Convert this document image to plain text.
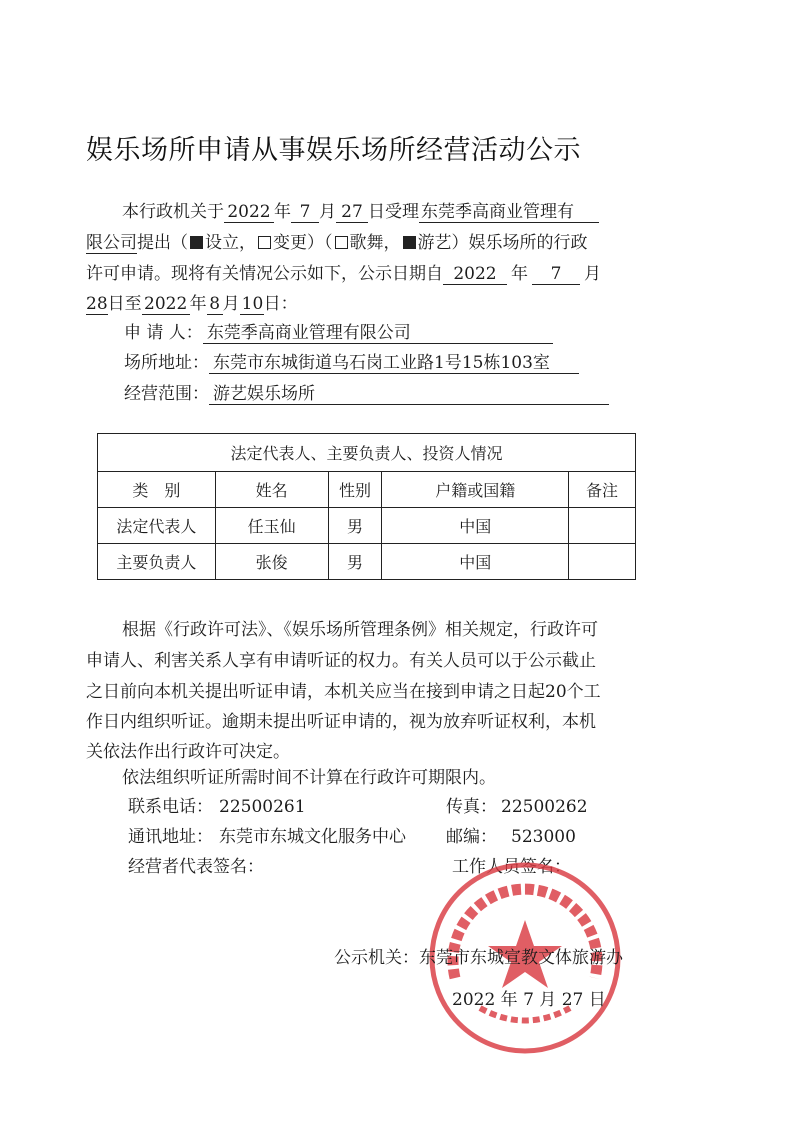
娱乐场所申请从事娱乐场所经营活动公示
本行政机关于 2022 年 7 月 27 日受理 东莞季高商业管理有
限公司提出（ 设立， 变更）（ 歌舞， 游艺）娱乐场所的行政
许可申请。现将有关情况公示如下，公示日期自 2022 年 7 月
28日至 2022 年 8 月 10日：
申 请 人： 东莞季高商业管理有限公司
场所地址： 东莞市东城街道乌石岗工业路1号15栋103室
经营范围： 游艺娱乐场所
法定代表人、主要负责人、投资人情况				
类　别	姓名	性别	户籍或国籍	备注
法定代表人	任玉仙	男	中国	
主要负责人	张俊	男	中国	
根据《行政许可法》、《娱乐场所管理条例》相关规定，行政许可
申请人、利害关系人享有申请听证的权力。有关人员可以于公示截止
之日前向本机关提出听证申请，本机关应当在接到申请之日起20个工
作日内组织听证。逾期未提出听证申请的，视为放弃听证权利，本机
关依法作出行政许可决定。
依法组织听证所需时间不计算在行政许可期限内。
联系电话： 22500261	传真： 22500262
通讯地址： 东莞市东城文化服务中心 邮编： 523000
经营者代表签名：	工作人员签名：
公示机关：东莞市东城宣教文体旅游办
2022 年 7 月 27 日
